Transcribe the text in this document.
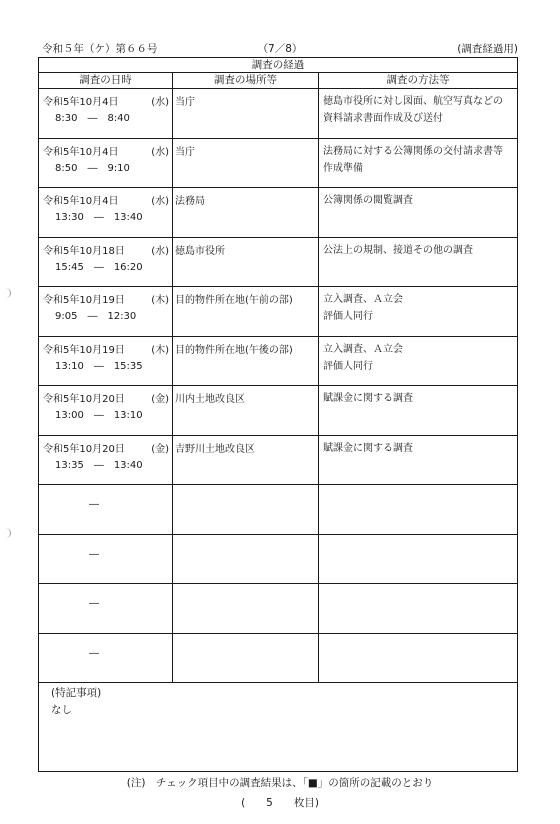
令和５年（ケ）第６６号	（7／8）	(調査経過用)
調査の経過
調査の日時	調査の場所等	調査の方法等
令和5年10月4日	(水)
8:30　―　8:40
当庁	徳島市役所に対し図面、航空写真などの資料請求書面作成及び送付
令和5年10月4日	(水)
8:50　―　9:10
当庁	法務局に対する公簿関係の交付請求書等作成準備
令和5年10月4日	(水)
13:30　―　13:40
法務局	公簿関係の閲覧調査
令和5年10月18日	(水)
15:45　―　16:20
徳島市役所	公法上の規制、接道その他の調査
令和5年10月19日	(木)
9:05　―　12:30
目的物件所在地(午前の部)	立入調査、Ａ立会
評価人同行
令和5年10月19日	(木)
13:10　―　15:35
目的物件所在地(午後の部)	立入調査、Ａ立会
評価人同行
令和5年10月20日	(金)
13:00　―　13:10
川内土地改良区	賦課金に関する調査
令和5年10月20日	(金)
13:35　―　13:40
吉野川土地改良区	賦課金に関する調査
―
―
―
―
(特記事項)
なし
(注)　チェック項目中の調査結果は、「■」の箇所の記載のとおり
(　　5　　枚目)
